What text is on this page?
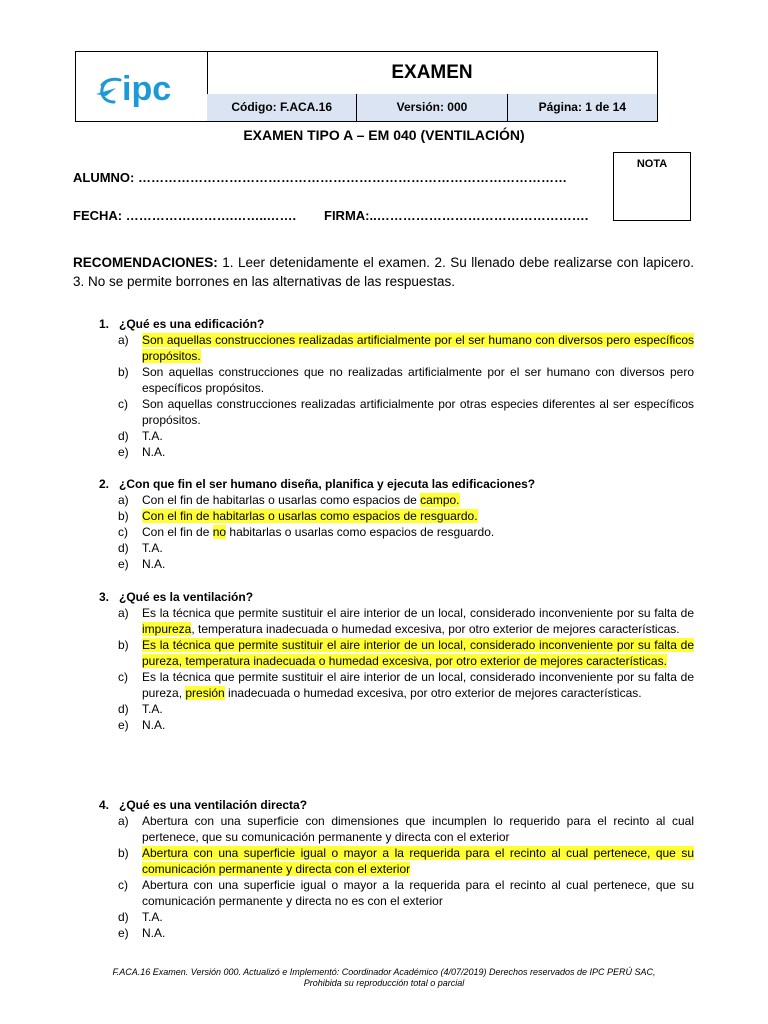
ipc	EXAMEN
Código: F.ACA.16	Versión: 000	Página: 1 de 14
EXAMEN TIPO A – EM 040 (VENTILACIÓN)
NOTA
ALUMNO: ………………………………………………………………………………………
FECHA: …………………….……..……. FIRMA:..………………………………………….
RECOMENDACIONES: 1. Leer detenidamente el examen. 2. Su llenado debe realizarse con lapicero. 3. No se permite borrones en las alternativas de las respuestas.
1. ¿Qué es una edificación?
a) Son aquellas construcciones realizadas artificialmente por el ser humano con diversos pero específicos propósitos.
b) Son aquellas construcciones que no realizadas artificialmente por el ser humano con diversos pero específicos propósitos.
c) Son aquellas construcciones realizadas artificialmente por otras especies diferentes al ser específicos propósitos.
d) T.A.
e) N.A.
2. ¿Con que fin el ser humano diseña, planifica y ejecuta las edificaciones?
a) Con el fin de habitarlas o usarlas como espacios de campo.
b) Con el fin de habitarlas o usarlas como espacios de resguardo.
c) Con el fin de no habitarlas o usarlas como espacios de resguardo.
d) T.A.
e) N.A.
3. ¿Qué es la ventilación?
a) Es la técnica que permite sustituir el aire interior de un local, considerado inconveniente por su falta de impureza, temperatura inadecuada o humedad excesiva, por otro exterior de mejores características.
b) Es la técnica que permite sustituir el aire interior de un local, considerado inconveniente por su falta de pureza, temperatura inadecuada o humedad excesiva, por otro exterior de mejores características.
c) Es la técnica que permite sustituir el aire interior de un local, considerado inconveniente por su falta de pureza, presión inadecuada o humedad excesiva, por otro exterior de mejores características.
d) T.A.
e) N.A.
4. ¿Qué es una ventilación directa?
a) Abertura con una superficie con dimensiones que incumplen lo requerido para el recinto al cual pertenece, que su comunicación permanente y directa con el exterior
b) Abertura con una superficie igual o mayor a la requerida para el recinto al cual pertenece, que su comunicación permanente y directa con el exterior
c) Abertura con una superficie igual o mayor a la requerida para el recinto al cual pertenece, que su comunicación permanente y directa no es con el exterior
d) T.A.
e) N.A.
F.ACA.16 Examen. Versión 000. Actualizó e Implementó: Coordinador Académico (4/07/2019) Derechos reservados de IPC PERÚ SAC,
Prohibida su reproducción total o parcial
